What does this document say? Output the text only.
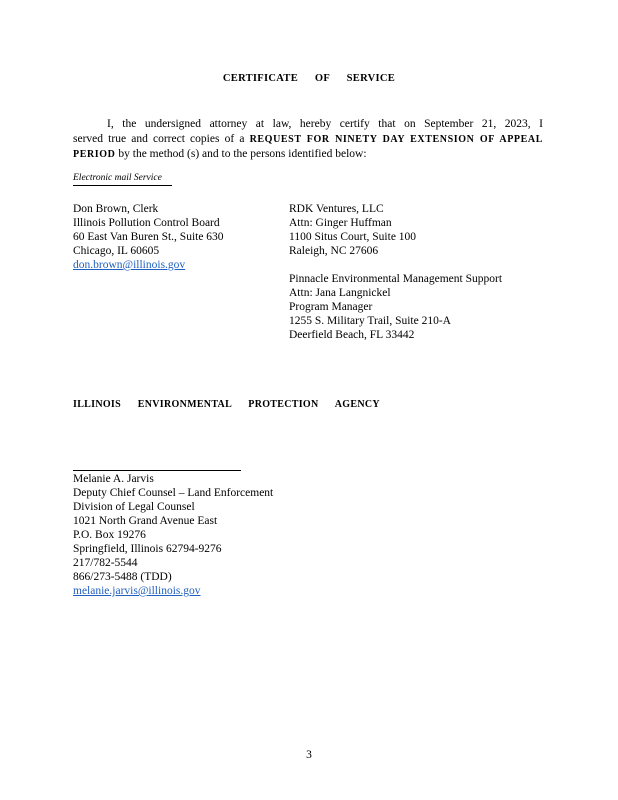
CERTIFICATE OF SERVICE
I, the undersigned attorney at law, hereby certify that on September 21, 2023, I
served true and correct copies of a REQUEST FOR NINETY DAY EXTENSION OF APPEAL
PERIOD by the method (s) and to the persons identified below:
Electronic mail Service
Don Brown, Clerk
Illinois Pollution Control Board
60 East Van Buren St., Suite 630
Chicago, IL 60605
don.brown@illinois.gov
RDK Ventures, LLC
Attn: Ginger Huffman
1100 Situs Court, Suite 100
Raleigh, NC 27606
Pinnacle Environmental Management Support
Attn: Jana Langnickel
Program Manager
1255 S. Military Trail, Suite 210-A
Deerfield Beach, FL 33442
ILLINOIS ENVIRONMENTAL PROTECTION AGENCY
Melanie A. Jarvis
Deputy Chief Counsel – Land Enforcement
Division of Legal Counsel
1021 North Grand Avenue East
P.O. Box 19276
Springfield, Illinois 62794-9276
217/782-5544
866/273-5488 (TDD)
melanie.jarvis@illinois.gov
3
